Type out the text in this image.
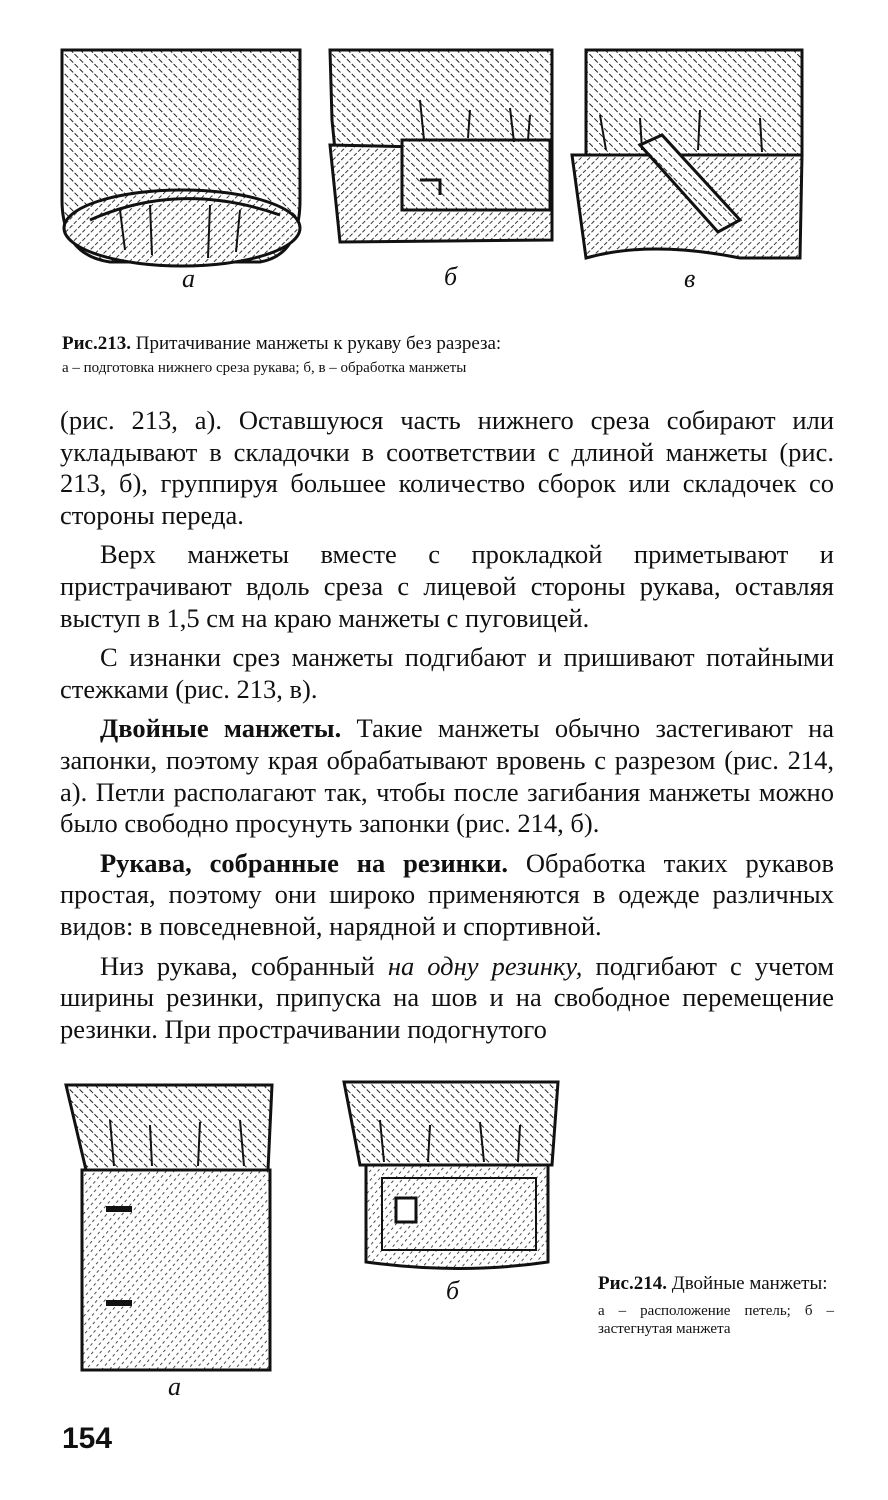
а	б	в
Рис.213. Притачивание манжеты к рукаву без разреза:
а – подготовка нижнего среза рукава; б, в – обработка манжеты

(рис. 213, а). Оставшуюся часть нижнего среза собирают или укладывают в складочки в соответствии с длиной манжеты (рис. 213, б), группируя большее количество сборок или складочек со стороны переда.

Верх манжеты вместе с прокладкой приметывают и пристрачивают вдоль среза с лицевой стороны рукава, оставляя выступ в 1,5 см на краю манжеты с пуговицей.

С изнанки срез манжеты подгибают и пришивают потайными стежками (рис. 213, в).

Двойные манжеты. Такие манжеты обычно застегивают на запонки, поэтому края обрабатывают вровень с разрезом (рис. 214, а). Петли располагают так, чтобы после загибания манжеты можно было свободно просунуть запонки (рис. 214, б).

Рукава, собранные на резинки. Обработка таких рукавов простая, поэтому они широко применяются в одежде различных видов: в повседневной, нарядной и спортивной.

Низ рукава, собранный на одну резинку, подгибают с учетом ширины резинки, припуска на шов и на свободное перемещение резинки. При прострачивании подогнутого

б
а
Рис.214. Двойные манжеты:
а – расположение петель; б – застегнутая манжета
154
